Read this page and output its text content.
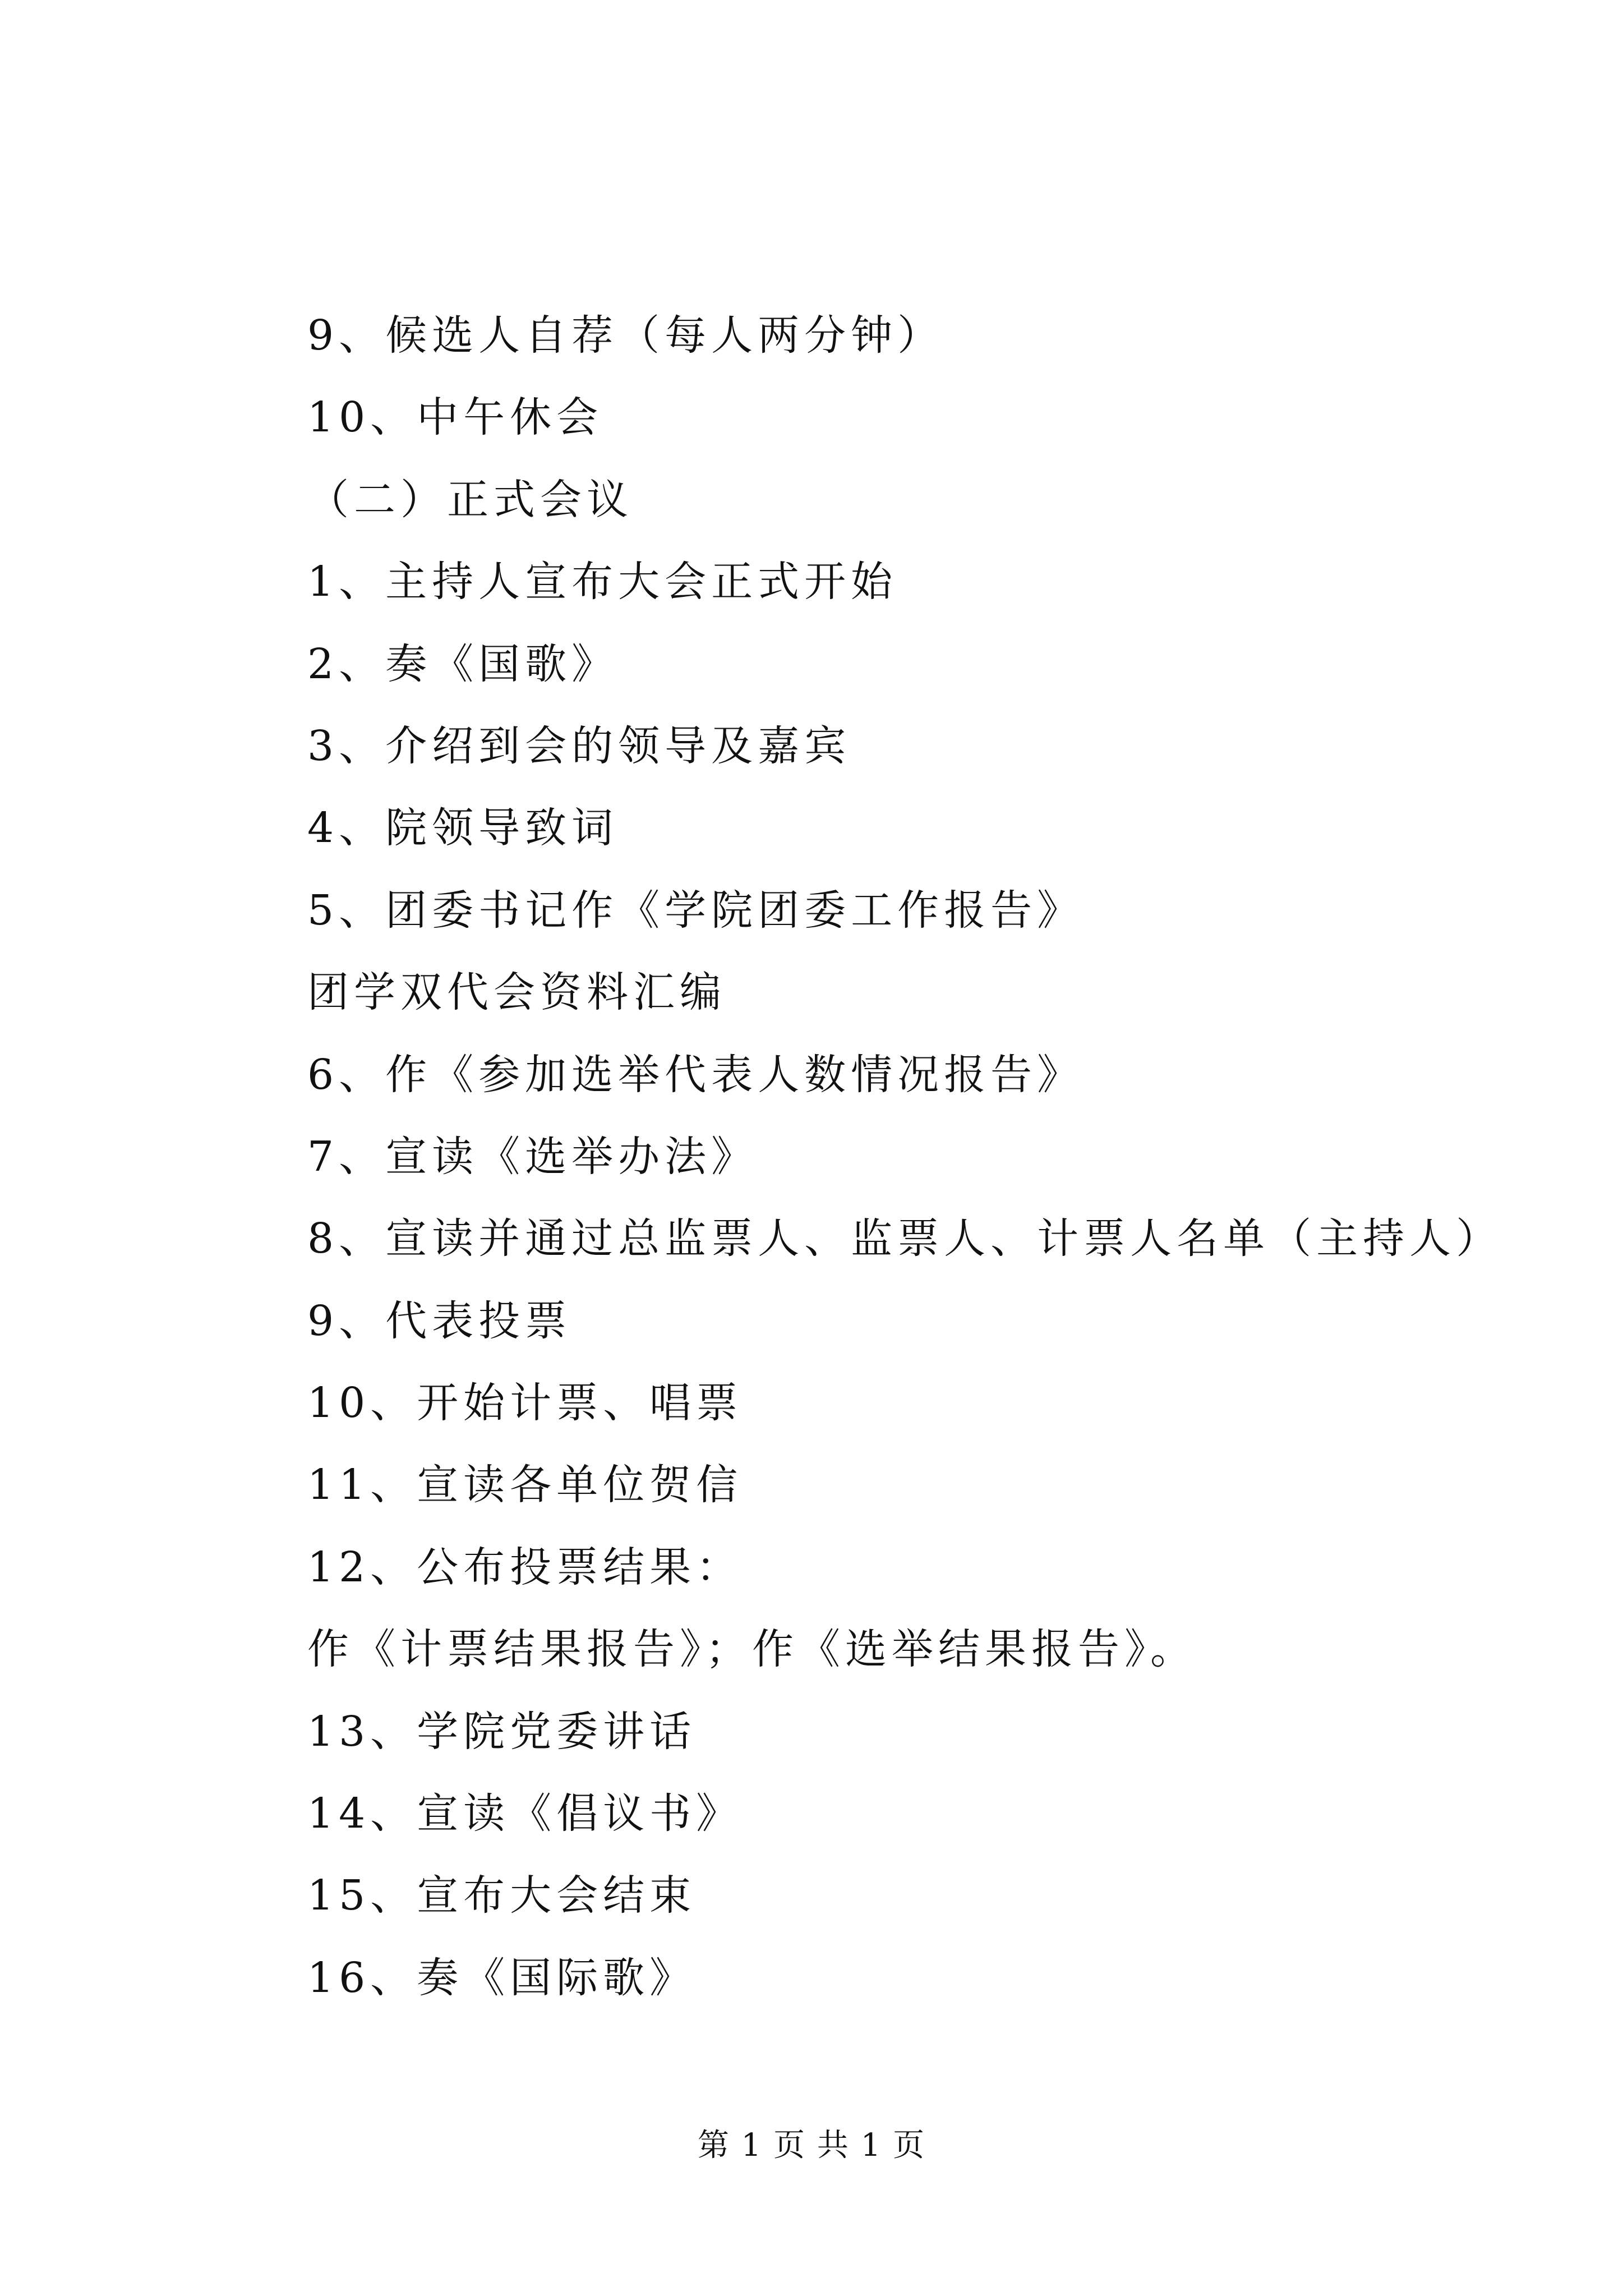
9、候选人自荐（每人两分钟）
10、中午休会
（二）正式会议
1、主持人宣布大会正式开始
2、奏《国歌》
3、介绍到会的领导及嘉宾
4、院领导致词
5、团委书记作《学院团委工作报告》
团学双代会资料汇编
6、作《参加选举代表人数情况报告》
7、宣读《选举办法》
8、宣读并通过总监票人、监票人、计票人名单（主持人）
9、代表投票
10、开始计票、唱票
11、宣读各单位贺信
12、公布投票结果：
作《计票结果报告》；作《选举结果报告》。
13、学院党委讲话
14、宣读《倡议书》
15、宣布大会结束
16、奏《国际歌》
第 1 页 共 1 页
